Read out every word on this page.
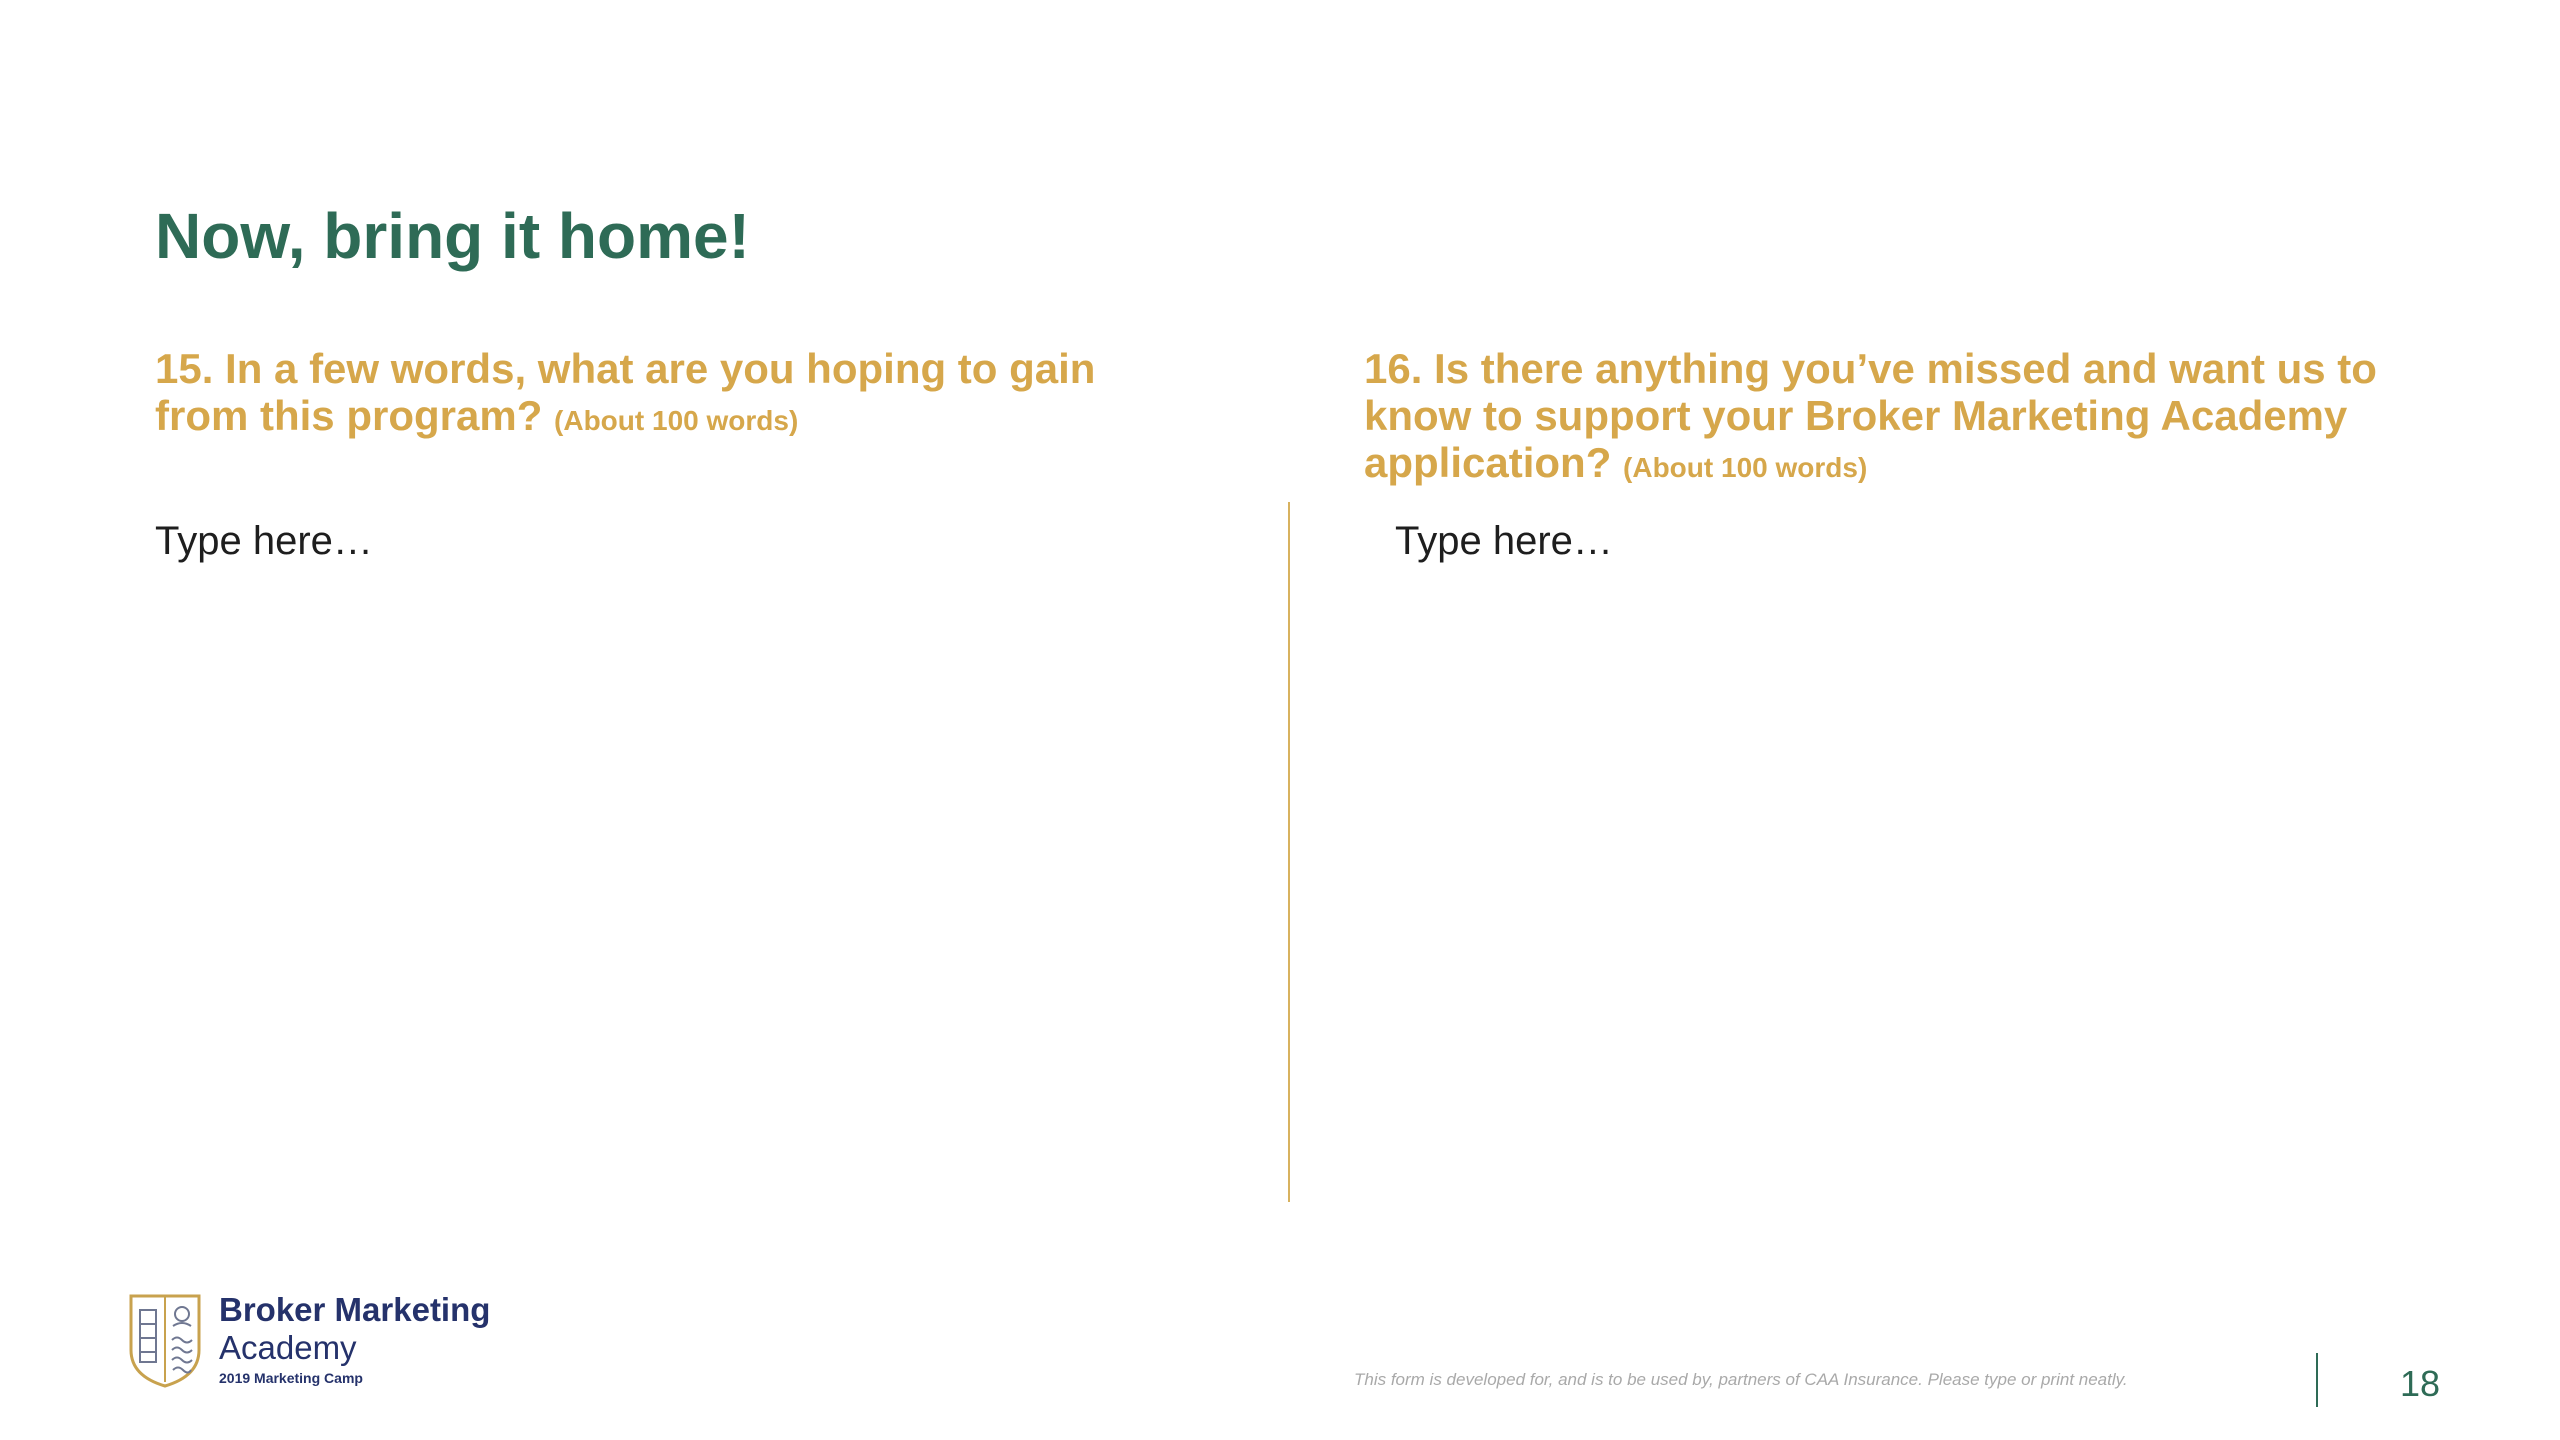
Now, bring it home!
15. In a few words, what are you hoping to gain from this program? (About 100 words)
Type here…
16. Is there anything you’ve missed and want us to know to support your Broker Marketing Academy application? (About 100 words)
Type here…
Broker Marketing
Academy
2019 Marketing Camp	This form is developed for, and is to be used by, partners of CAA Insurance. Please type or print neatly.	18
